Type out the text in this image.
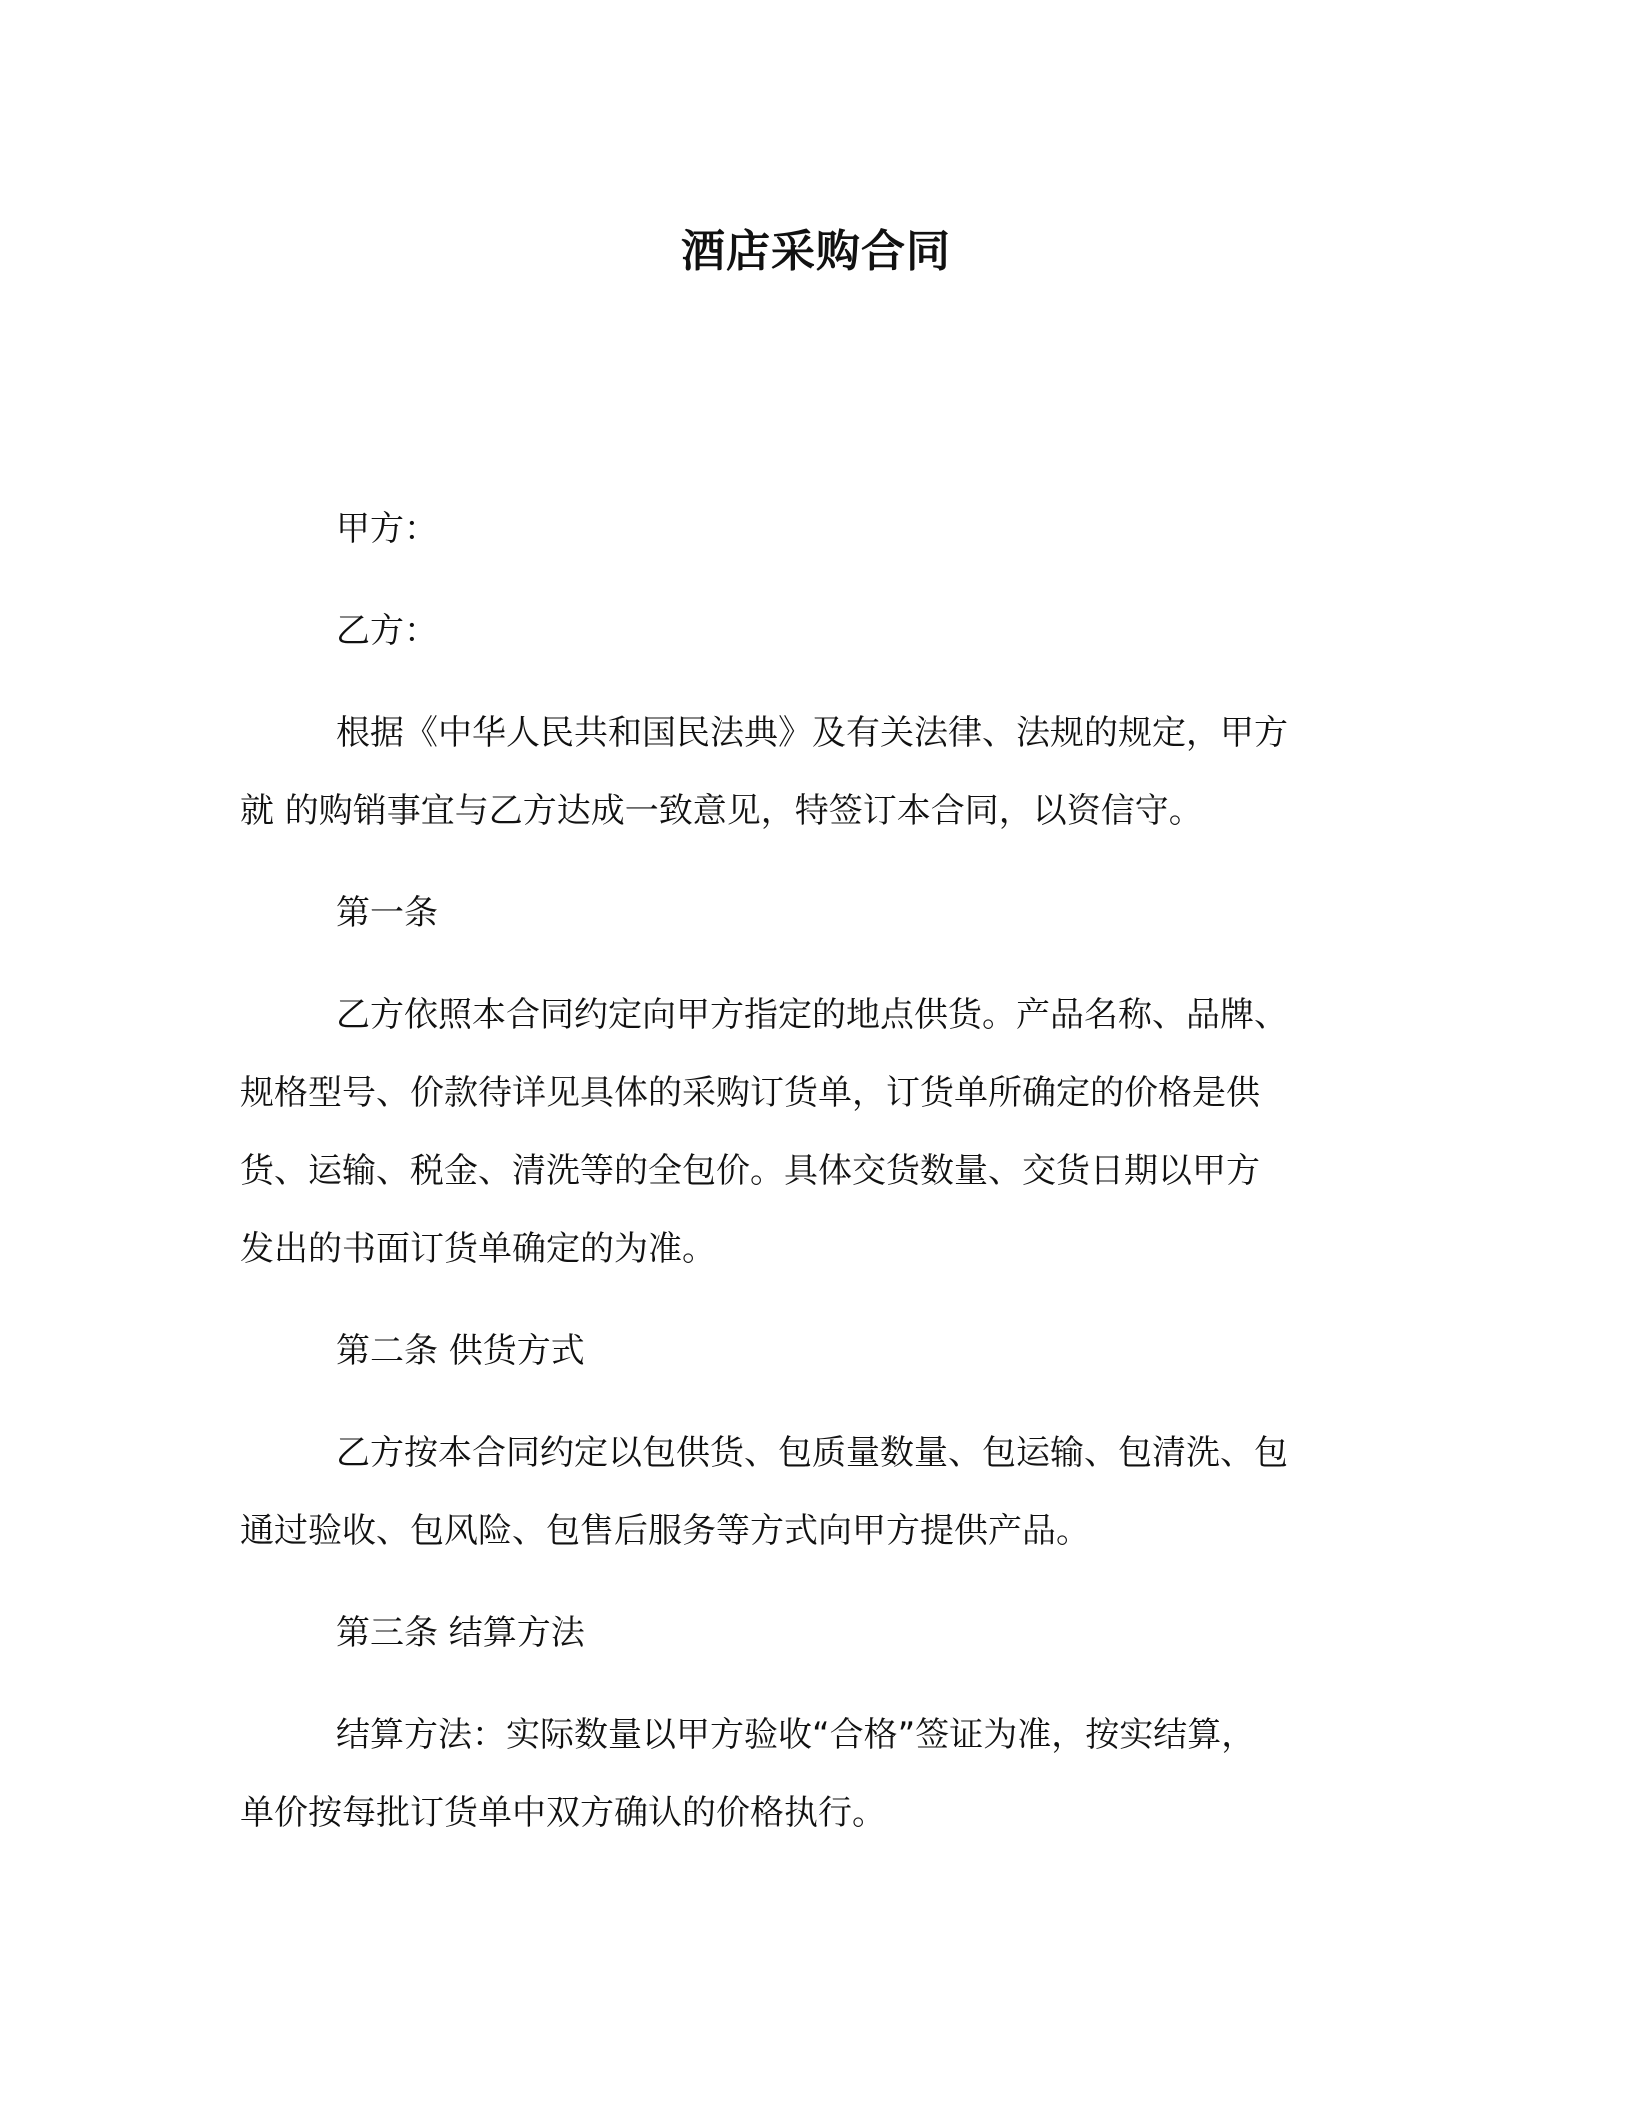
酒店采购合同
甲方：
乙方：
根据《中华人民共和国民法典》及有关法律、法规的规定，甲方
就 的购销事宜与乙方达成一致意见，特签订本合同，以资信守。
第一条
乙方依照本合同约定向甲方指定的地点供货。产品名称、品牌、
规格型号、价款待详见具体的采购订货单，订货单所确定的价格是供
货、运输、税金、清洗等的全包价。具体交货数量、交货日期以甲方
发出的书面订货单确定的为准。
第二条 供货方式
乙方按本合同约定以包供货、包质量数量、包运输、包清洗、包
通过验收、包风险、包售后服务等方式向甲方提供产品。
第三条 结算方法
结算方法：实际数量以甲方验收“合格”签证为准，按实结算，
单价按每批订货单中双方确认的价格执行。
